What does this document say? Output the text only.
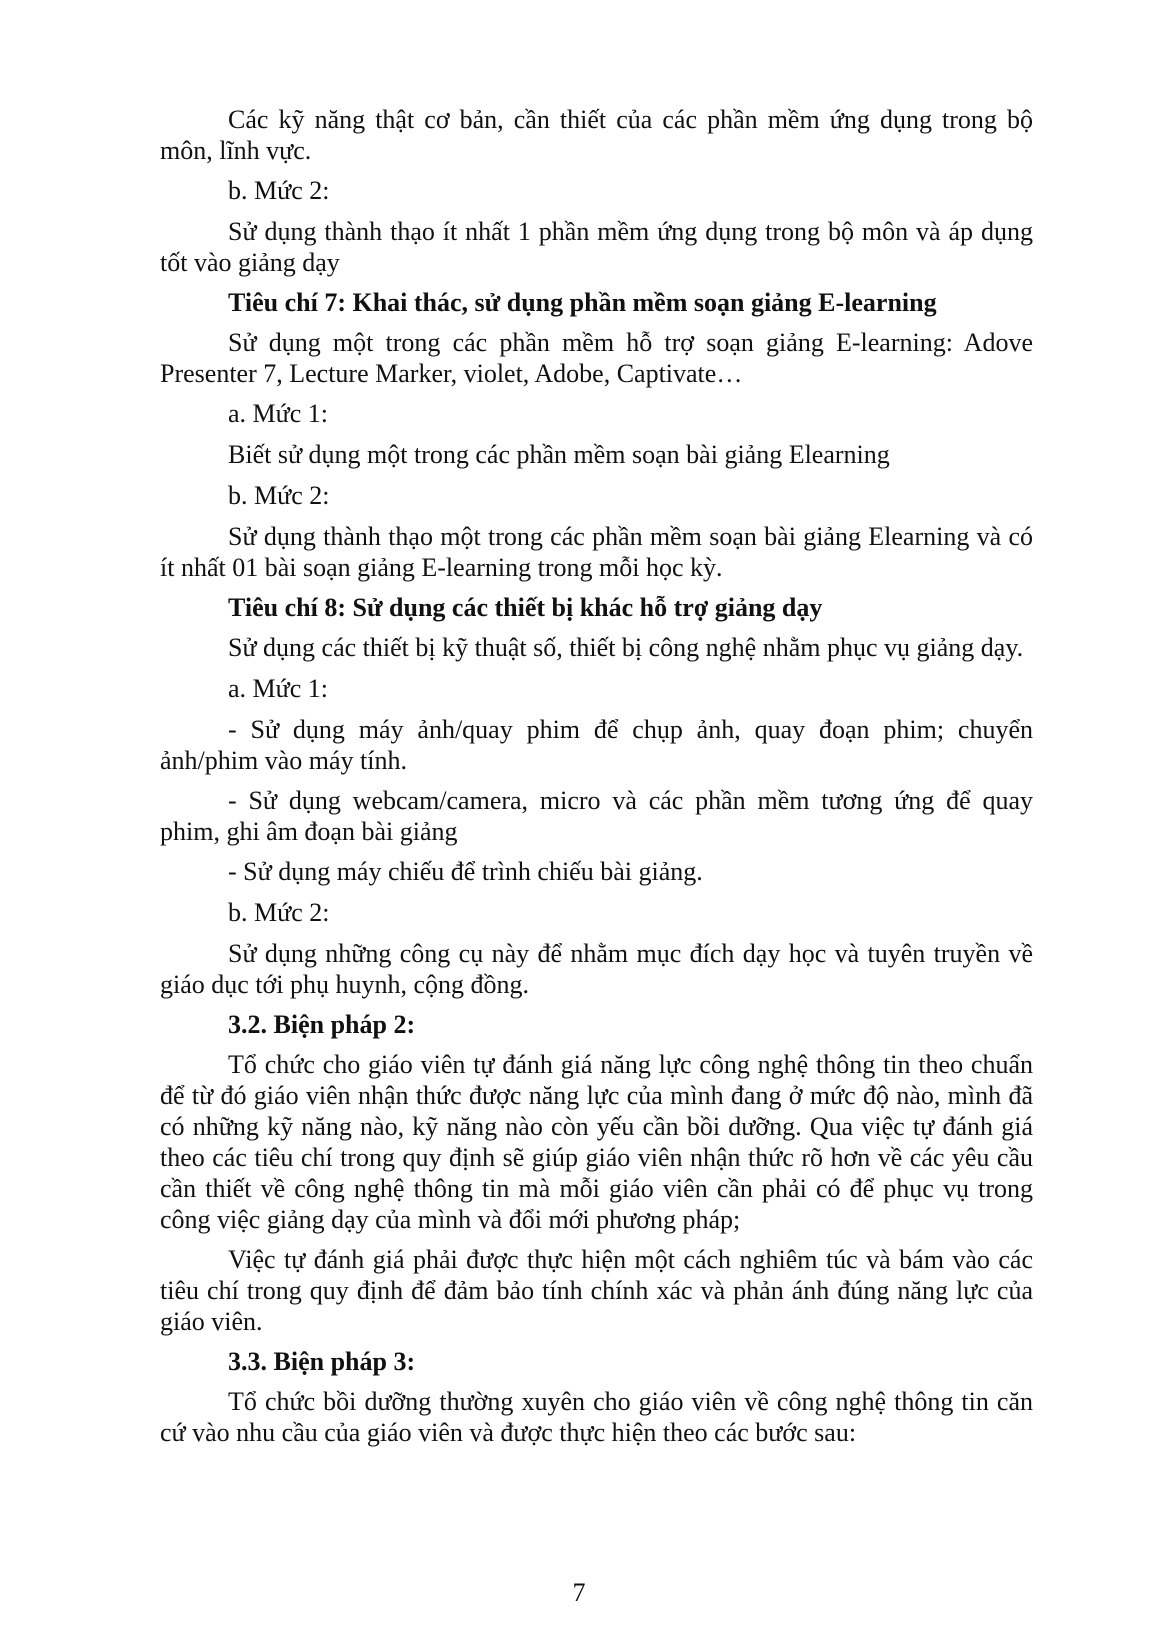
Các kỹ năng thật cơ bản, cần thiết của các phần mềm ứng dụng trong bộ môn, lĩnh vực.

b. Mức 2:

Sử dụng thành thạo ít nhất 1 phần mềm ứng dụng trong bộ môn và áp dụng tốt vào giảng dạy

Tiêu chí 7: Khai thác, sử dụng phần mềm soạn giảng E-learning

Sử dụng một trong các phần mềm hỗ trợ soạn giảng E-learning: Adove Presenter 7, Lecture Marker, violet, Adobe, Captivate…

a. Mức 1:

Biết sử dụng một trong các phần mềm soạn bài giảng Elearning

b. Mức 2:

Sử dụng thành thạo một trong các phần mềm soạn bài giảng Elearning và có ít nhất 01 bài soạn giảng E-learning trong mỗi học kỳ.

Tiêu chí 8: Sử dụng các thiết bị khác hỗ trợ giảng dạy

Sử dụng các thiết bị kỹ thuật số, thiết bị công nghệ nhằm phục vụ giảng dạy.

a. Mức 1:

- Sử dụng máy ảnh/quay phim để chụp ảnh, quay đoạn phim; chuyển ảnh/phim vào máy tính.

- Sử dụng webcam/camera, micro và các phần mềm tương ứng để quay phim, ghi âm đoạn bài giảng

- Sử dụng máy chiếu để trình chiếu bài giảng.

b. Mức 2:

Sử dụng những công cụ này để nhằm mục đích dạy học và tuyên truyền về giáo dục tới phụ huynh, cộng đồng.

3.2. Biện pháp 2:

Tổ chức cho giáo viên tự đánh giá năng lực công nghệ thông tin theo chuẩn để từ đó giáo viên nhận thức được năng lực của mình đang ở mức độ nào, mình đã có những kỹ năng nào, kỹ năng nào còn yếu cần bồi dưỡng. Qua việc tự đánh giá theo các tiêu chí trong quy định sẽ giúp giáo viên nhận thức rõ hơn về các yêu cầu cần thiết về công nghệ thông tin mà mỗi giáo viên cần phải có để phục vụ trong công việc giảng dạy của mình và đổi mới phương pháp;

Việc tự đánh giá phải được thực hiện một cách nghiêm túc và bám vào các tiêu chí trong quy định để đảm bảo tính chính xác và phản ánh đúng năng lực của giáo viên.

3.3. Biện pháp 3:

Tổ chức bồi dưỡng thường xuyên cho giáo viên về công nghệ thông tin căn cứ vào nhu cầu của giáo viên và được thực hiện theo các bước sau:

7
